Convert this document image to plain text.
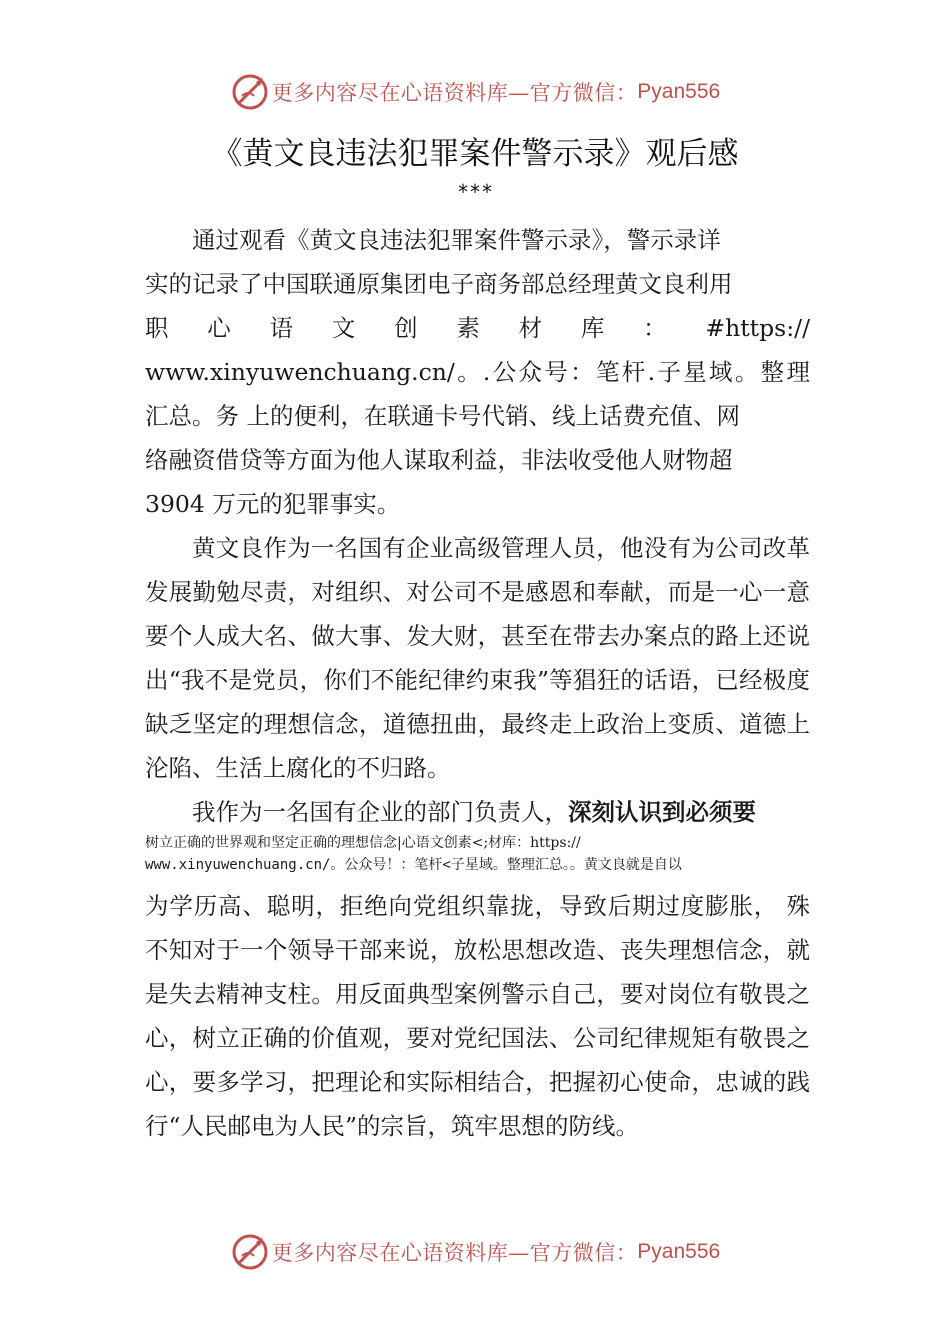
更多内容尽在心语资料库—官方微信： Pyan556
《黄文良违法犯罪案件警示录》观后感
***
通过观看《黄文良违法犯罪案件警示录》，警示录详
实的记录了中国联通原集团电子商务部总经理黄文良利用
职 心 语 文 创 素 材 库 ： #https://
www.xinyuwenchuang.cn/。.公众号：笔杆.子星域。整理
汇总。务 上的便利，在联通卡号代销、线上话费充值、网
络融资借贷等方面为他人谋取利益，非法收受他人财物超
3904 万元的犯罪事实。
黄文良作为一名国有企业高级管理人员，他没有为公司改革发展勤勉尽责，对组织、对公司不是感恩和奉献，而是一心一意要个人成大名、做大事、发大财，甚至在带去办案点的路上还说出“我不是党员，你们不能纪律约束我”等猖狂的话语，已经极度缺乏坚定的理想信念，道德扭曲，最终走上政治上变质、道德上沦陷、生活上腐化的不归路。
我作为一名国有企业的部门负责人，深刻认识到必须要
树立正确的世界观和坚定正确的理想信念|心语文创素<;材库：https://
www.xinyuwenchuang.cn/。公众号！：笔杆<子星域。整理汇总。。黄文良就是自以
为学历高、聪明，拒绝向党组织靠拢，导致后期过度膨胀， 殊不知对于一个领导干部来说，放松思想改造、丧失理想信念，就是失去精神支柱。用反面典型案例警示自己，要对岗位有敬畏之心，树立正确的价值观，要对党纪国法、公司纪律规矩有敬畏之心，要多学习，把理论和实际相结合，把握初心使命，忠诚的践行“人民邮电为人民”的宗旨，筑牢思想的防线。
更多内容尽在心语资料库—官方微信： Pyan556
